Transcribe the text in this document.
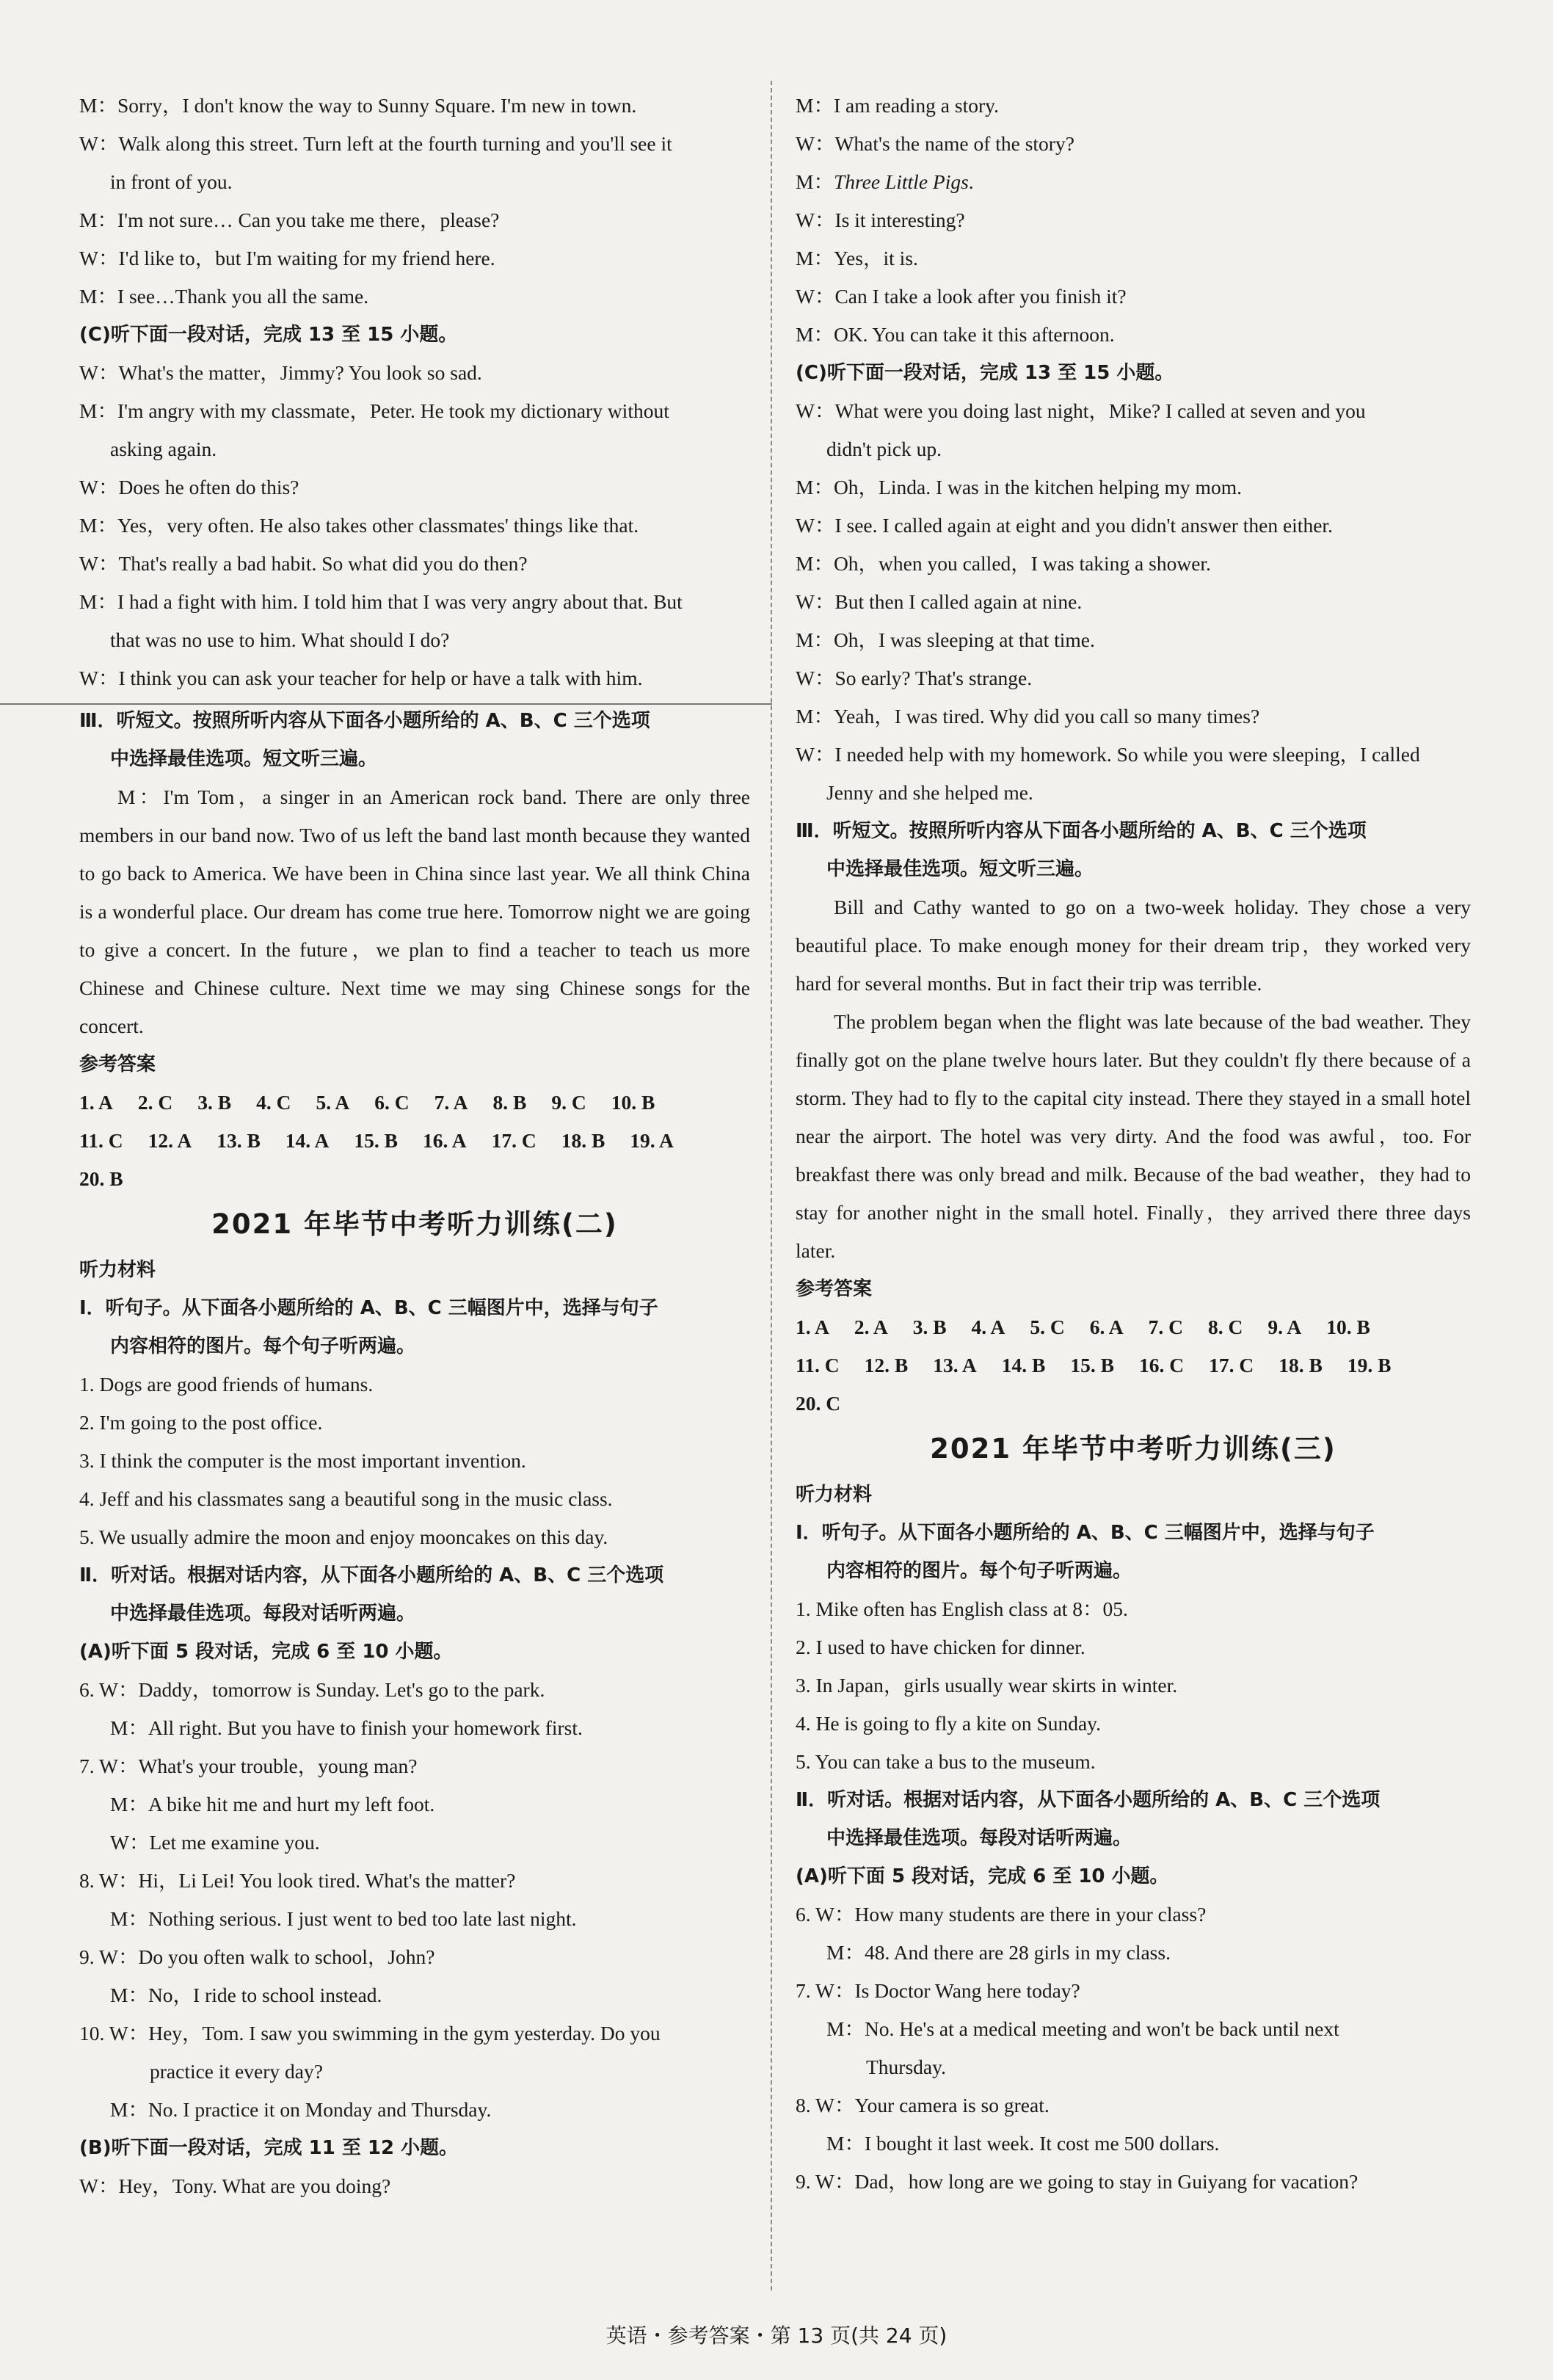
M：Sorry，I don't know the way to Sunny Square. I'm new in town.
W：Walk along this street. Turn left at the fourth turning and you'll see it
in front of you.
M：I'm not sure… Can you take me there，please?
W：I'd like to，but I'm waiting for my friend here.
M：I see…Thank you all the same.
(C)听下面一段对话，完成 13 至 15 小题。
W：What's the matter，Jimmy? You look so sad.
M：I'm angry with my classmate，Peter. He took my dictionary without
asking again.
W：Does he often do this?
M：Yes，very often. He also takes other classmates' things like that.
W：That's really a bad habit. So what did you do then?
M：I had a fight with him. I told him that I was very angry about that. But
that was no use to him. What should I do?
W：I think you can ask your teacher for help or have a talk with him.
Ⅲ．听短文。按照所听内容从下面各小题所给的 A、B、C 三个选项
中选择最佳选项。短文听三遍。
M：I'm Tom，a singer in an American rock band. There are only three members in our band now. Two of us left the band last month because they wanted to go back to America. We have been in China since last year. We all think China is a wonderful place. Our dream has come true here. Tomorrow night we are going to give a concert. In the future，we plan to find a teacher to teach us more Chinese and Chinese culture. Next time we may sing Chinese songs for the concert.
参考答案
1. A 2. C 3. B 4. C 5. A 6. C 7. A 8. B 9. C 10. B
11. C 12. A 13. B 14. A 15. B 16. A 17. C 18. B 19. A
20. B
2021 年毕节中考听力训练(二)
听力材料
Ⅰ．听句子。从下面各小题所给的 A、B、C 三幅图片中，选择与句子
内容相符的图片。每个句子听两遍。
1. Dogs are good friends of humans.
2. I'm going to the post office.
3. I think the computer is the most important invention.
4. Jeff and his classmates sang a beautiful song in the music class.
5. We usually admire the moon and enjoy mooncakes on this day.
Ⅱ．听对话。根据对话内容，从下面各小题所给的 A、B、C 三个选项
中选择最佳选项。每段对话听两遍。
(A)听下面 5 段对话，完成 6 至 10 小题。
6. W：Daddy，tomorrow is Sunday. Let's go to the park.
M：All right. But you have to finish your homework first.
7. W：What's your trouble，young man?
M：A bike hit me and hurt my left foot.
W：Let me examine you.
8. W：Hi，Li Lei! You look tired. What's the matter?
M：Nothing serious. I just went to bed too late last night.
9. W：Do you often walk to school，John?
M：No，I ride to school instead.
10. W：Hey，Tom. I saw you swimming in the gym yesterday. Do you
practice it every day?
M：No. I practice it on Monday and Thursday.
(B)听下面一段对话，完成 11 至 12 小题。
W：Hey，Tony. What are you doing?
M：I am reading a story.
W：What's the name of the story?
M：Three Little Pigs.
W：Is it interesting?
M：Yes，it is.
W：Can I take a look after you finish it?
M：OK. You can take it this afternoon.
(C)听下面一段对话，完成 13 至 15 小题。
W：What were you doing last night，Mike? I called at seven and you
didn't pick up.
M：Oh，Linda. I was in the kitchen helping my mom.
W：I see. I called again at eight and you didn't answer then either.
M：Oh，when you called，I was taking a shower.
W：But then I called again at nine.
M：Oh，I was sleeping at that time.
W：So early? That's strange.
M：Yeah，I was tired. Why did you call so many times?
W：I needed help with my homework. So while you were sleeping，I called
Jenny and she helped me.
Ⅲ．听短文。按照所听内容从下面各小题所给的 A、B、C 三个选项
中选择最佳选项。短文听三遍。
Bill and Cathy wanted to go on a two-week holiday. They chose a very beautiful place. To make enough money for their dream trip，they worked very hard for several months. But in fact their trip was terrible.
The problem began when the flight was late because of the bad weather. They finally got on the plane twelve hours later. But they couldn't fly there because of a storm. They had to fly to the capital city instead. There they stayed in a small hotel near the airport. The hotel was very dirty. And the food was awful，too. For breakfast there was only bread and milk. Because of the bad weather，they had to stay for another night in the small hotel. Finally，they arrived there three days later.
参考答案
1. A 2. A 3. B 4. A 5. C 6. A 7. C 8. C 9. A 10. B
11. C 12. B 13. A 14. B 15. B 16. C 17. C 18. B 19. B
20. C
2021 年毕节中考听力训练(三)
听力材料
Ⅰ．听句子。从下面各小题所给的 A、B、C 三幅图片中，选择与句子
内容相符的图片。每个句子听两遍。
1. Mike often has English class at 8：05.
2. I used to have chicken for dinner.
3. In Japan，girls usually wear skirts in winter.
4. He is going to fly a kite on Sunday.
5. You can take a bus to the museum.
Ⅱ．听对话。根据对话内容，从下面各小题所给的 A、B、C 三个选项
中选择最佳选项。每段对话听两遍。
(A)听下面 5 段对话，完成 6 至 10 小题。
6. W：How many students are there in your class?
M：48. And there are 28 girls in my class.
7. W：Is Doctor Wang here today?
M：No. He's at a medical meeting and won't be back until next
Thursday.
8. W：Your camera is so great.
M：I bought it last week. It cost me 500 dollars.
9. W：Dad，how long are we going to stay in Guiyang for vacation?
英语・参考答案・第 13 页(共 24 页)
